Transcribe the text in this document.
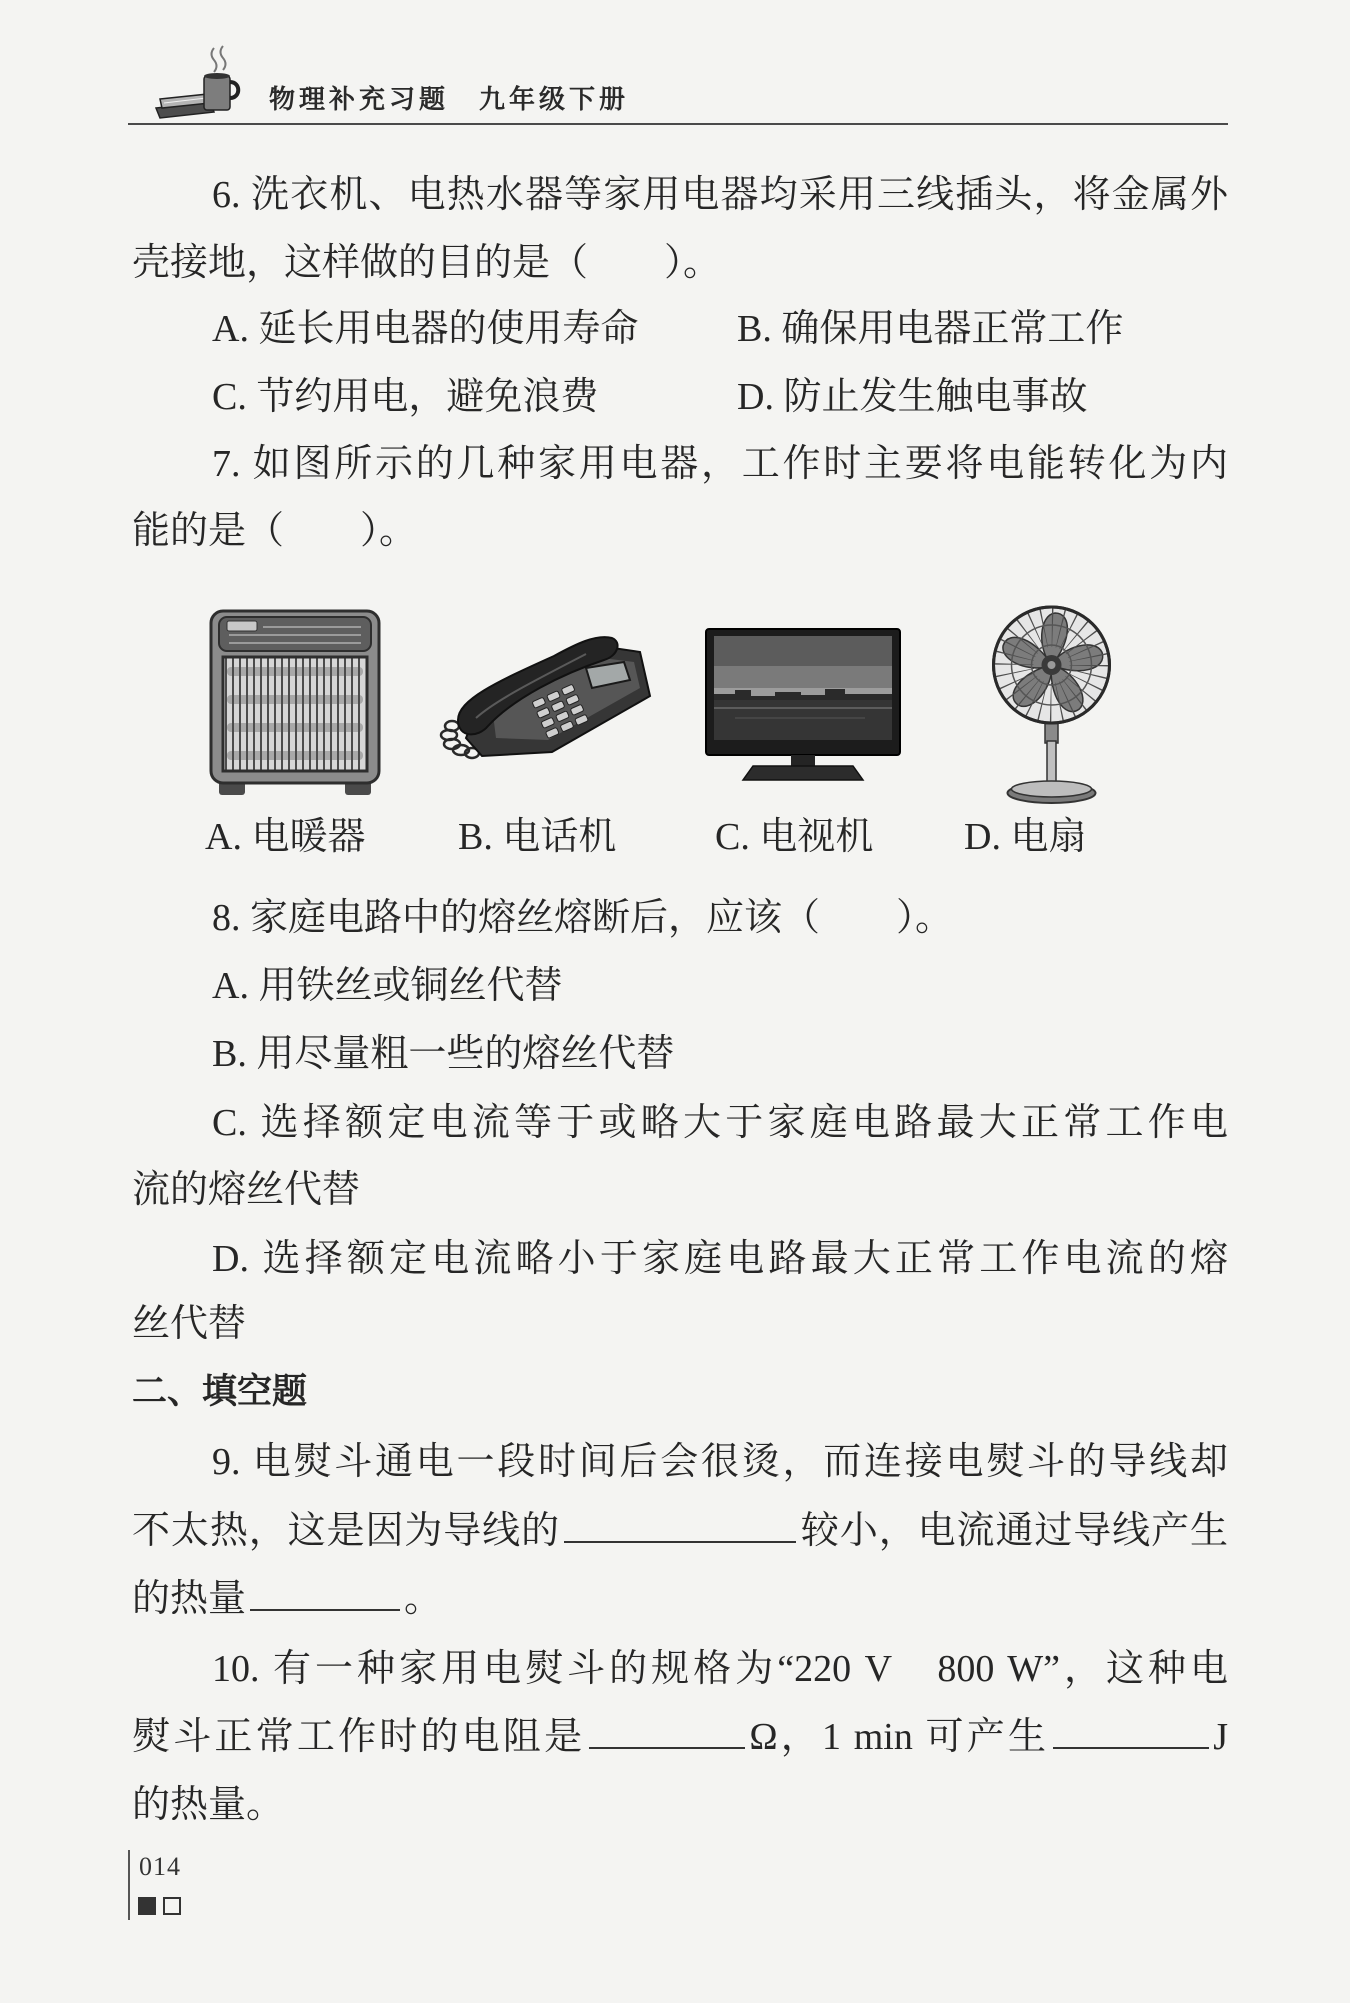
物理补充习题　九年级下册
6. 洗衣机、电热水器等家用电器均采用三线插头，将金属外
壳接地，这样做的目的是（　　）。
A. 延长用电器的使用寿命	B. 确保用电器正常工作
C. 节约用电，避免浪费	D. 防止发生触电事故
7. 如图所示的几种家用电器，工作时主要将电能转化为内
能的是（　　）。
A. 电暖器 B. 电话机	C. 电视机 D. 电扇
8. 家庭电路中的熔丝熔断后，应该（　　）。
A. 用铁丝或铜丝代替
B. 用尽量粗一些的熔丝代替
C. 选择额定电流等于或略大于家庭电路最大正常工作电
流的熔丝代替
D. 选择额定电流略小于家庭电路最大正常工作电流的熔
丝代替
二、填空题
9. 电熨斗通电一段时间后会很烫，而连接电熨斗的导线却
不太热，这是因为导线的	较小，电流通过导线产生
的热量	。
10. 有一种家用电熨斗的规格为“220 V　800 W”，这种电
熨斗正常工作时的电阻是	Ω，1 min 可产生	J
的热量。
014
